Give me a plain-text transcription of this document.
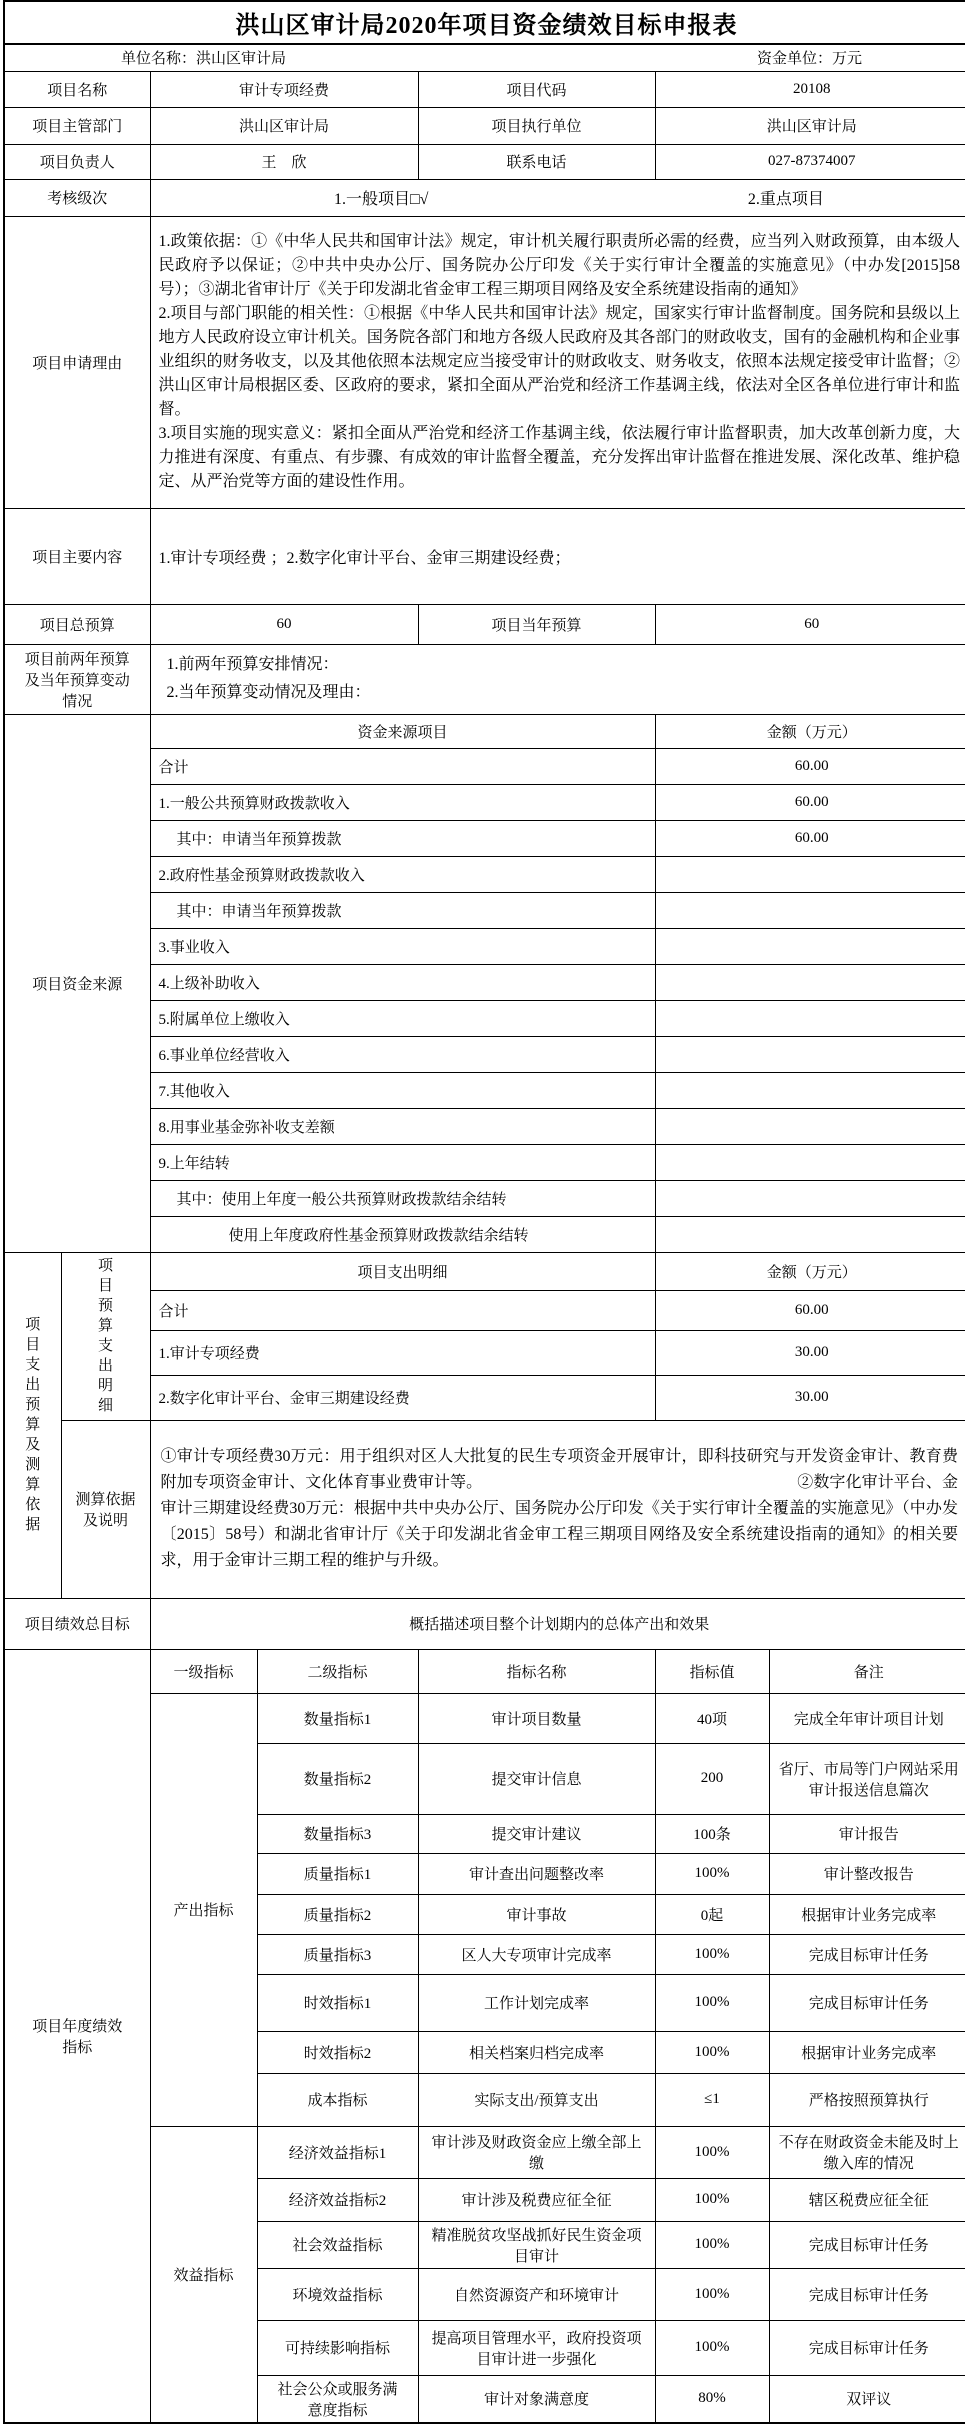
洪山区审计局2020年项目资金绩效目标申报表						

单位名称：洪山区审计局 资金单位：万元						

项目名称		审计专项经费		项目代码	20108	
项目主管部门		洪山区审计局		项目执行单位	洪山区审计局	
项目负责人		王　欣		联系电话	027-87374007	
考核级次		1.一般项目□√ 2.重点项目				

项目申请理由		1.政策依据：①《中华人民共和国审计法》规定，审计机关履行职责所必需的经费，应当列入财政预算，由本级人民政府予以保证；②中共中央办公厅、国务院办公厅印发《关于实行审计全覆盖的实施意见》（中办发[2015]58号）；③湖北省审计厅《关于印发湖北省金审工程三期项目网络及安全系统建设指南的通知》

2.项目与部门职能的相关性：①根据《中华人民共和国审计法》规定，国家实行审计监督制度。国务院和县级以上地方人民政府设立审计机关。国务院各部门和地方各级人民政府及其各部门的财政收支，国有的金融机构和企业事业组织的财务收支，以及其他依照本法规定应当接受审计的财政收支、财务收支，依照本法规定接受审计监督；②洪山区审计局根据区委、区政府的要求，紧扣全面从严治党和经济工作基调主线，依法对全区各单位进行审计和监督。

3.项目实施的现实意义：紧扣全面从严治党和经济工作基调主线，依法履行审计监督职责，加大改革创新力度，大力推进有深度、有重点、有步骤、有成效的审计监督全覆盖，充分发挥出审计监督在推进发展、深化改革、维护稳定、从严治党等方面的建设性作用。				

项目主要内容		1.审计专项经费 ；2.数字化审计平台、金审三期建设经费；				
项目总预算		60		项目当年预算	60	
项目前两年预算及当年预算变动情况		1.前两年预算安排情况：

2.当年预算变动情况及理由：				

项目资金来源		资金来源项目			金额（万元）	
		合计			60.00	
		1.一般公共预算财政拨款收入			60.00	
		其中：申请当年预算拨款			60.00	
		2.政府性基金预算财政拨款收入				
		其中：申请当年预算拨款				
		3.事业收入				
		4.上级补助收入				
		5.附属单位上缴收入				
		6.事业单位经营收入				
		7.其他收入				
		8.用事业基金弥补收支差额				
		9.上年结转				
		其中：使用上年度一般公共预算财政拨款结余结转				
		使用上年度政府性基金预算财政拨款结余结转				
项目支出预算及测算依据	项目预算支出明细	项目支出明细			金额（万元）	
		合计			60.00	
		1.审计专项经费			30.00	
		2.数字化审计平台、金审三期建设经费			30.00	
	测算依据及说明	①审计专项经费30万元：用于组织对区人大批复的民生专项资金开展审计，即科技研究与开发资金审计、教育费附加专项资金审计、文化体育事业费审计等。 ②数字化审计平台、金审计三期建设经费30万元：根据中共中央办公厅、国务院办公厅印发《关于实行审计全覆盖的实施意见》（中办发〔2015〕58号）和湖北省审计厅《关于印发湖北省金审工程三期项目网络及安全系统建设指南的通知》的相关要求，用于金审计三期工程的维护与升级。				

项目绩效总目标		概括描述项目整个计划期内的总体产出和效果				
项目年度绩效指标		一级指标	二级指标	指标名称	指标值	备注
		产出指标	数量指标1	审计项目数量	40项	完成全年审计项目计划
			数量指标2	提交审计信息	200	省厅、市局等门户网站采用审计报送信息篇次
			数量指标3	提交审计建议	100条	审计报告
			质量指标1	审计查出问题整改率	100%	审计整改报告
			质量指标2	审计事故	0起	根据审计业务完成率
			质量指标3	区人大专项审计完成率	100%	完成目标审计任务
			时效指标1	工作计划完成率	100%	完成目标审计任务
			时效指标2	相关档案归档完成率	100%	根据审计业务完成率
			成本指标	实际支出/预算支出	≤1	严格按照预算执行
		效益指标	经济效益指标1	审计涉及财政资金应上缴全部上缴	100%	不存在财政资金未能及时上缴入库的情况
			经济效益指标2	审计涉及税费应征全征	100%	辖区税费应征全征
			社会效益指标	精准脱贫攻坚战抓好民生资金项目审计	100%	完成目标审计任务
			环境效益指标	自然资源资产和环境审计	100%	完成目标审计任务
			可持续影响指标	提高项目管理水平，政府投资项目审计进一步强化	100%	完成目标审计任务
			社会公众或服务满意度指标	审计对象满意度	80%	双评议
